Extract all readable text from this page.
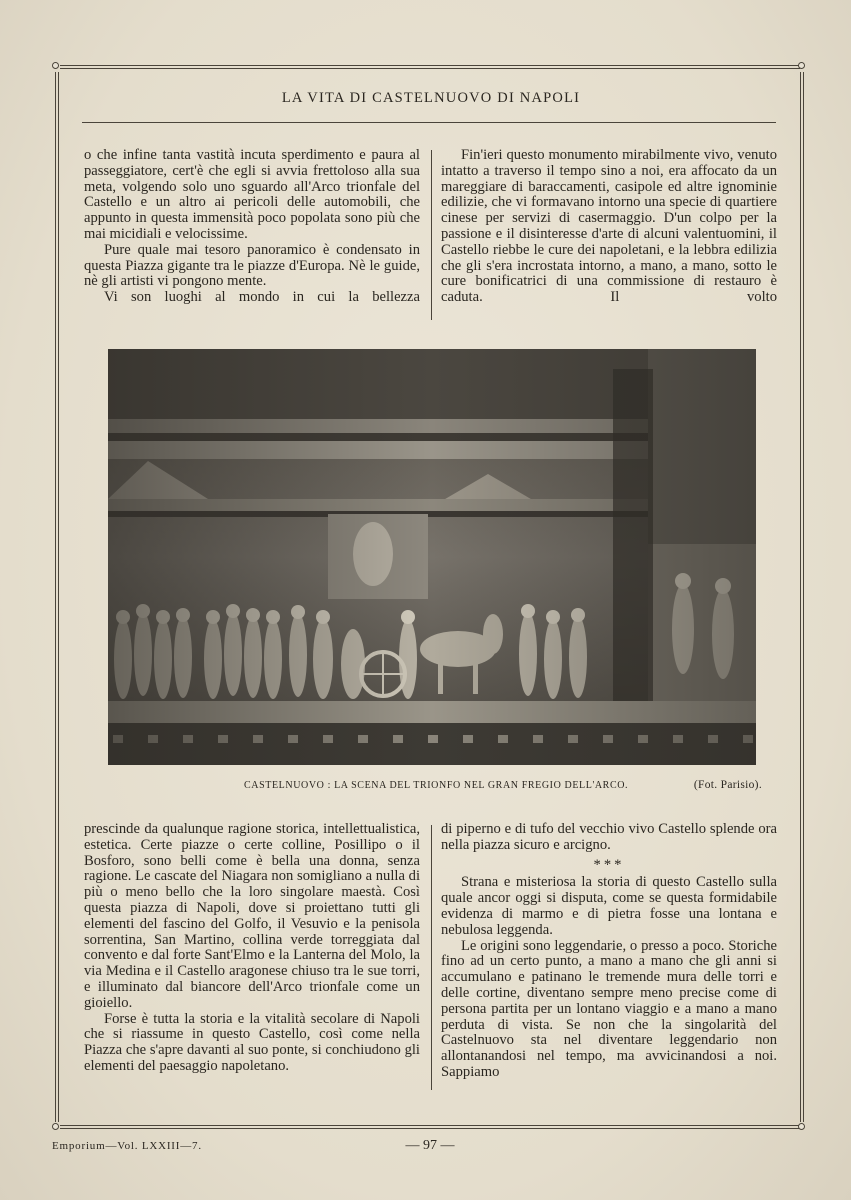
LA VITA DI CASTELNUOVO DI NAPOLI

o che infine tanta vastità incuta sperdimento e paura al passeggiatore, cert'è che egli si avvia frettoloso alla sua meta, volgendo solo uno sguardo all'Arco trionfale del Castello e un altro ai pericoli delle automobili, che appunto in questa immensità poco popolata sono più che mai micidiali e velocissime.

Pure quale mai tesoro panoramico è condensato in questa Piazza gigante tra le piazze d'Europa. Nè le guide, nè gli artisti vi pongono mente.

Vi son luoghi al mondo in cui la bellezza

Fin'ieri questo monumento mirabilmente vivo, venuto intatto a traverso il tempo sino a noi, era affocato da un mareggiare di baraccamenti, casipole ed altre ignominie edilizie, che vi formavano intorno una specie di quartiere cinese per servizi di casermaggio. D'un colpo per la passione e il disinteresse d'arte di alcuni valentuomini, il Castello riebbe le cure dei napoletani, e la lebbra edilizia che gli s'era incrostata intorno, a mano, a mano, sotto le cure bonificatrici di una commissione di restauro è caduta. Il volto

CASTELNUOVO : LA SCENA DEL TRIONFO NEL GRAN FREGIO DELL'ARCO.	(Fot. Parisio).

prescinde da qualunque ragione storica, intellettualistica, estetica. Certe piazze o certe colline, Posillipo o il Bosforo, sono belli come è bella una donna, senza ragione. Le cascate del Niagara non somigliano a nulla di più o meno bello che la loro singolare maestà. Così questa piazza di Napoli, dove si proiettano tutti gli elementi del fascino del Golfo, il Vesuvio e la penisola sorrentina, San Martino, collina verde torreggiata dal convento e dal forte Sant'Elmo e la Lanterna del Molo, la via Medina e il Castello aragonese chiuso tra le sue torri, e illuminato dal biancore dell'Arco trionfale come un gioiello.

Forse è tutta la storia e la vitalità secolare di Napoli che si riassume in questo Castello, così come nella Piazza che s'apre davanti al suo ponte, si conchiudono gli elementi del paesaggio napoletano.

di piperno e di tufo del vecchio vivo Castello splende ora nella piazza sicuro e arcigno.

***

Strana e misteriosa la storia di questo Castello sulla quale ancor oggi si disputa, come se questa formidabile evidenza di marmo e di pietra fosse una lontana e nebulosa leggenda.

Le origini sono leggendarie, o presso a poco. Storiche fino ad un certo punto, a mano a mano che gli anni si accumulano e patinano le tremende mura delle torri e delle cortine, diventano sempre meno precise come di persona partita per un lontano viaggio e a mano a mano perduta di vista. Se non che la singolarità del Castelnuovo sta nel diventare leggendario non allontanandosi nel tempo, ma avvicinandosi a noi. Sappiamo

Emporium—Vol. LXXIII—7.	— 97 —
